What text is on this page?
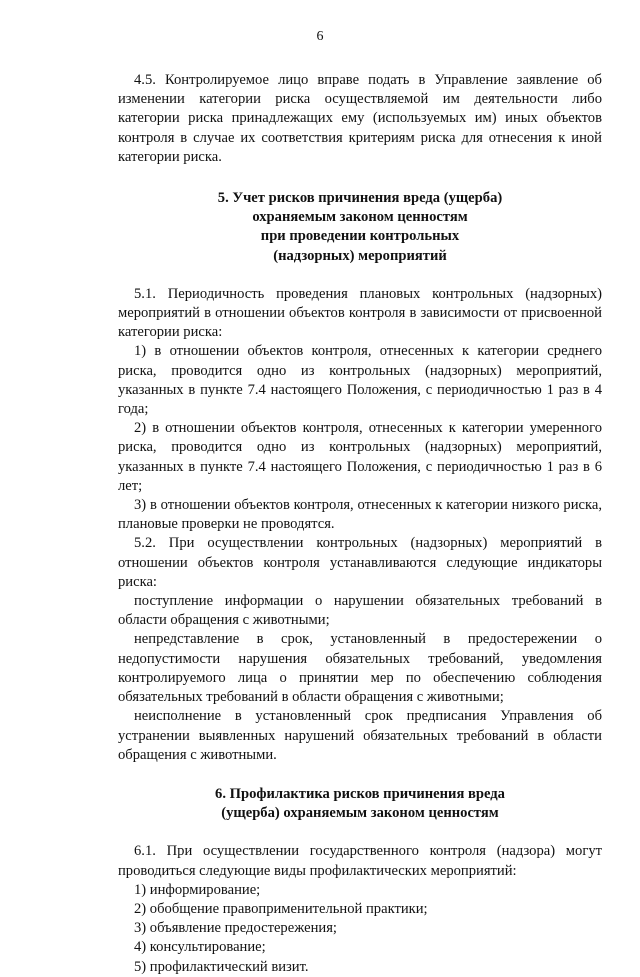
6

4.5. Контролируемое лицо вправе подать в Управление заявление об изменении категории риска осуществляемой им деятельности либо категории риска принадлежащих ему (используемых им) иных объектов контроля в случае их соответствия критериям риска для отнесения к иной категории риска.

5. Учет рисков причинения вреда (ущерба)

охраняемым законом ценностям

при проведении контрольных

(надзорных) мероприятий

5.1. Периодичность проведения плановых контрольных (надзорных) мероприятий в отношении объектов контроля в зависимости от присвоенной категории риска:

1) в отношении объектов контроля, отнесенных к категории среднего риска, проводится одно из контрольных (надзорных) мероприятий, указанных в пункте 7.4 настоящего Положения, с периодичностью 1 раз в 4 года;

2) в отношении объектов контроля, отнесенных к категории умеренного риска, проводится одно из контрольных (надзорных) мероприятий, указанных в пункте 7.4 настоящего Положения, с периодичностью 1 раз в 6 лет;

3) в отношении объектов контроля, отнесенных к категории низкого риска, плановые проверки не проводятся.

5.2. При осуществлении контрольных (надзорных) мероприятий в отношении объектов контроля устанавливаются следующие индикаторы риска:

поступление информации о нарушении обязательных требований в области обращения с животными;

непредставление в срок, установленный в предостережении о недопустимости нарушения обязательных требований, уведомления контролируемого лица о принятии мер по обеспечению соблюдения обязательных требований в области обращения с животными;

неисполнение в установленный срок предписания Управления об устранении выявленных нарушений обязательных требований в области обращения с животными.

6. Профилактика рисков причинения вреда

(ущерба) охраняемым законом ценностям

6.1. При осуществлении государственного контроля (надзора) могут проводиться следующие виды профилактических мероприятий:

1) информирование;

2) обобщение правоприменительной практики;

3) объявление предостережения;

4) консультирование;

5) профилактический визит.
